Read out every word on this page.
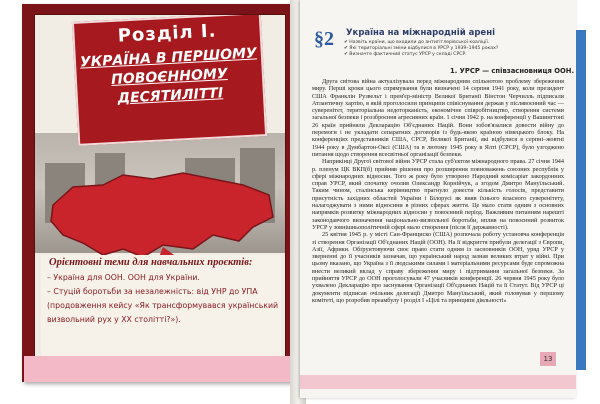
Розділ I.
УКРАЇНА В ПЕРШОМУ ПОВОЄННОМУ ДЕСЯТИЛІТТІ
Орієнтовні теми для навчальних проєктів:
– Україна для ООН. ООН для України.
– Стуцій боротьби за незалежність: від УНР до УПА
(продовження кейсу «Як трансформувався український
визвольний рух у ХХ столітті?»).
§2 Україна на міжнародній арені
✔ Назвіть країни, що входили до антигітлерівської коаліції.
✔ Які територіальні зміни відбулися в УРСР у 1939–1945 роках?
✔ Визначте фактичний статус УРСР у складі СРСР.
1. УРСР — співзасновниця ООН.

Друга світова війна актуалізувала перед міжнародним спільнотою проблему збереження миру. Перші кроки цього спрямування були визначені 14 серпня 1941 року, коли президент США Франклін Рузвельт і прем'єр-міністр Великої Британії Вінстон Черчилль підписали Атлантичну хартію, в якій проголосили принципи співіснування держав у післявоєнний час — суверенітет, територіальна недоторканість, економічне співробітництво, створення системи загальної безпеки і роззброєння агресивних країн. 1 січня 1942 р. на конференції у Вашингтоні 26 країн прийняли Декларацію Об'єднаних Націй. Вони зобов'язалися довести війну до перемоги і не укладати сепаратних договорів із будь-якою країною німецького блоку. На конференціях представників США, СРСР, Великої Британії, які відбулися в серпні–жовтні 1944 року в Думбартон-Оксі (США) та в лютому 1945 року в Ялті (СРСР), було узгоджено питання щодо створення всесвітньої організації безпеки.

Наприкінці Другої світової війни УРСР стала суб'єктом міжнародного права. 27 січня 1944 р. пленум ЦК ВКП(б) прийняв рішення про розширення повноважень союзних республік у сфері міжнародних відносин. Того ж року було утворено Народний комісаріат закордонних справ УРСР, який спочатку очолив Олександр Корнійчук, а згодом Дмитро Мануїльський. Таким чином, сталінська керівництво прагнуло довести кількість голосів, представити присутність західних областей України і Білорусі як вияв їхнього власного суверенітету, налагоджувати з ними відносини в різних сферах життя. Це мало стати одним з основних напрямків розвитку міжнародних відносин у повоєнний період. Важливим питанням нарешті законодавчого визначення національно-визвольної боротьби, вплив на повоєнний розвиток УРСР у зовнішньополітичній сфері мало створення (після її державності).

25 квітня 1945 р. у місті Сан-Франциско (США) розпочала роботу установча конференція зі створення Організації Об'єднаних Націй (ООН). На її відкриття прибули делегації з Європи, Азії, Африки. Обґрунтовуючи своє право стати одним із засновників ООН, уряд УРСР у зверненні до її учасників зазначав, що український народ зазнав великих втрат у війні. При цьому вказано, що Україна з її людськими силами і матеріальними ресурсами буде спроможна внести великий вклад у справу збереження миру і підтримання загальної безпеки. За прийняття УРСР до ООН проголосували 47 учасників конференції. 26 червня 1945 року було ухвалено Декларацію про заснування Організації Об'єднаних Націй та її Статут. Від УРСР ці документи підписав очільник делегації Дмитро Мануїльський, який головував у першому комітеті, що розробив преамбулу і розділ I «Цілі та принципи діяльності»

13
